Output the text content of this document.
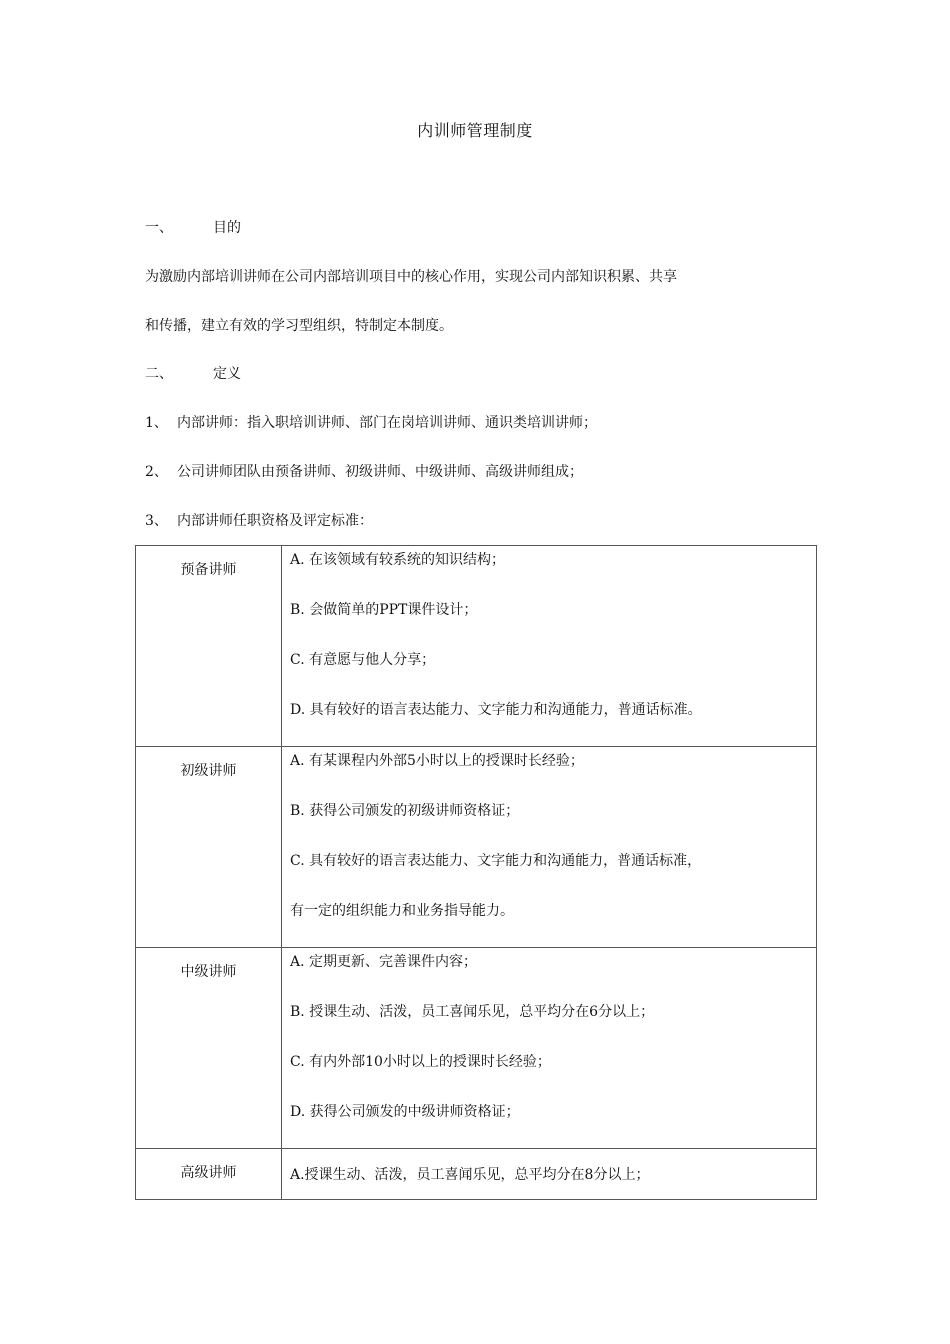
内训师管理制度
一、	目的
为激励内部培训讲师在公司内部培训项目中的核心作用，实现公司内部知识积累、共享
和传播，建立有效的学习型组织，特制定本制度。
二、	定义
1、 内部讲师：指入职培训讲师、部门在岗培训讲师、通识类培训讲师；
2、 公司讲师团队由预备讲师、初级讲师、中级讲师、高级讲师组成；
3、 内部讲师任职资格及评定标准：
预备讲师	A. 在该领域有较系统的知识结构；
B. 会做简单的PPT课件设计；
C. 有意愿与他人分享；
D. 具有较好的语言表达能力、文字能力和沟通能力，普通话标准。

初级讲师	A. 有某课程内外部5小时以上的授课时长经验；
B. 获得公司颁发的初级讲师资格证；
C. 具有较好的语言表达能力、文字能力和沟通能力，普通话标准，
有一定的组织能力和业务指导能力。

中级讲师	A. 定期更新、完善课件内容；
B. 授课生动、活泼，员工喜闻乐见，总平均分在6分以上；
C. 有内外部10小时以上的授课时长经验；
D. 获得公司颁发的中级讲师资格证；

高级讲师	A.授课生动、活泼，员工喜闻乐见，总平均分在8分以上；
